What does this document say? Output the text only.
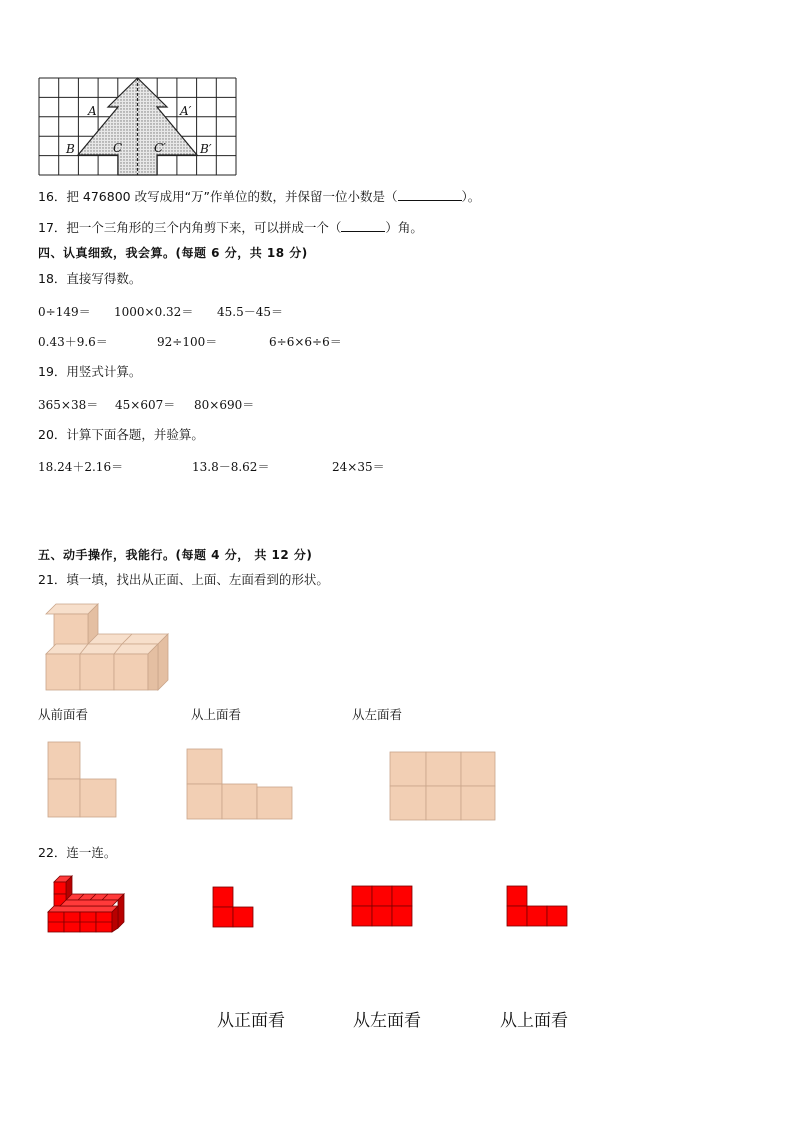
A	A′
B	B′
C	C′
16．把 476800 改写成用“万”作单位的数，并保留一位小数是（	）。
17．把一个三角形的三个内角剪下来，可以拼成一个（	）角。
四、认真细致，我会算。(每题 6 分，共 18 分)
18．直接写得数。
0÷149＝ 1000×0.32＝ 45.5－45＝
0.43＋9.6＝	92÷100＝	6÷6×6÷6＝
19．用竖式计算。
365×38＝ 45×607＝ 80×690＝
20．计算下面各题，并验算。
18.24＋2.16＝	13.8－8.62＝	24×35＝
五、动手操作，我能行。(每题 4 分， 共 12 分)
21．填一填，找出从正面、上面、左面看到的形状。
从前面看	从上面看	从左面看
22．连一连。
从正面看	从左面看	从上面看
